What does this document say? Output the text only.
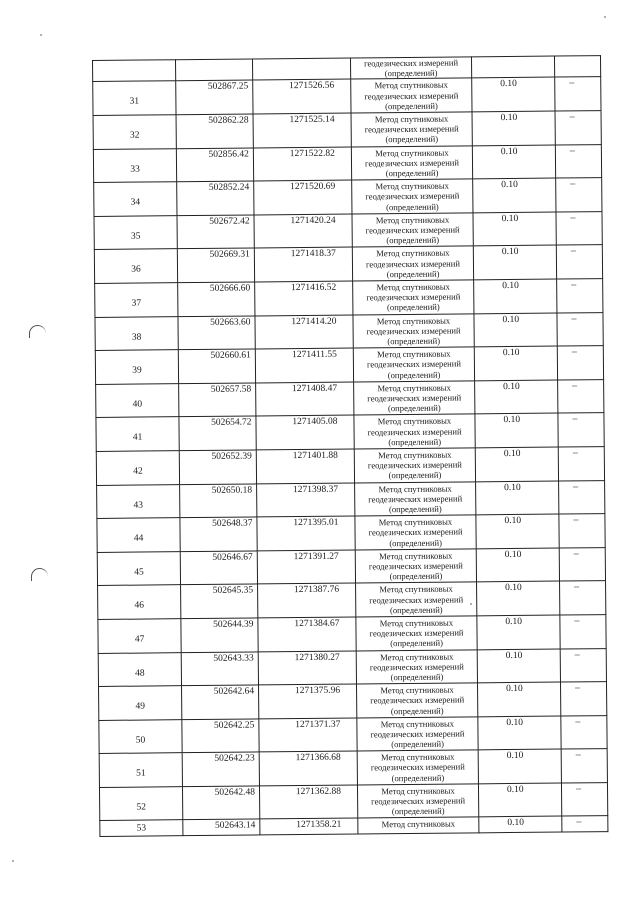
			геодезических измерений
(определений)		

31	502867.25	1271526.56	Метод спутниковых
геодезических измерений
(определений)	0.10	–

32	502862.28	1271525.14	Метод спутниковых
геодезических измерений
(определений)	0.10	–

33	502856.42	1271522.82	Метод спутниковых
геодезических измерений
(определений)	0.10	–

34	502852.24	1271520.69	Метод спутниковых
геодезических измерений
(определений)	0.10	–

35	502672.42	1271420.24	Метод спутниковых
геодезических измерений
(определений)	0.10	–

36	502669.31	1271418.37	Метод спутниковых
геодезических измерений
(определений)	0.10	–

37	502666.60	1271416.52	Метод спутниковых
геодезических измерений
(определений)	0.10	–

38	502663.60	1271414.20	Метод спутниковых
геодезических измерений
(определений)	0.10	–

39	502660.61	1271411.55	Метод спутниковых
геодезических измерений
(определений)	0.10	–

40	502657.58	1271408.47	Метод спутниковых
геодезических измерений
(определений)	0.10	–

41	502654.72	1271405.08	Метод спутниковых
геодезических измерений
(определений)	0.10	–

42	502652.39	1271401.88	Метод спутниковых
геодезических измерений
(определений)	0.10	–

43	502650.18	1271398.37	Метод спутниковых
геодезических измерений
(определений)	0.10	–

44	502648.37	1271395.01	Метод спутниковых
геодезических измерений
(определений)	0.10	–

45	502646.67	1271391.27	Метод спутниковых
геодезических измерений
(определений)	0.10	–

46	502645.35	1271387.76	Метод спутниковых
геодезических измерений
(определений)	0.10	–

47	502644.39	1271384.67	Метод спутниковых
геодезических измерений
(определений)	0.10	–

48	502643.33	1271380.27	Метод спутниковых
геодезических измерений
(определений)	0.10	–

49	502642.64	1271375.96	Метод спутниковых
геодезических измерений
(определений)	0.10	–

50	502642.25	1271371.37	Метод спутниковых
геодезических измерений
(определений)	0.10	–

51	502642.23	1271366.68	Метод спутниковых
геодезических измерений
(определений)	0.10	–

52	502642.48	1271362.88	Метод спутниковых
геодезических измерений
(определений)	0.10	–

53	502643.14	1271358.21	Метод спутниковых	0.10	–
